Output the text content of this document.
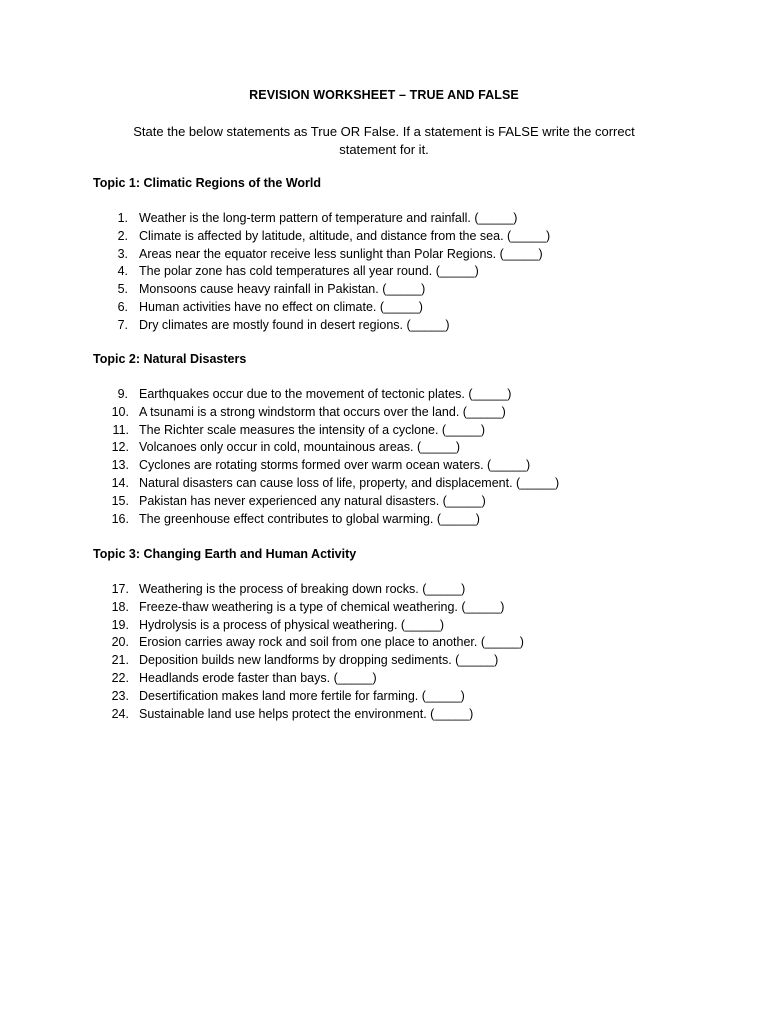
REVISION WORKSHEET – TRUE AND FALSE
State the below statements as True OR False. If a statement is FALSE write the correct statement for it.
Topic 1: Climatic Regions of the World
1. Weather is the long-term pattern of temperature and rainfall. (_____)
2. Climate is affected by latitude, altitude, and distance from the sea. (_____)
3. Areas near the equator receive less sunlight than Polar Regions. (_____)
4. The polar zone has cold temperatures all year round. (_____)
5. Monsoons cause heavy rainfall in Pakistan. (_____)
6. Human activities have no effect on climate. (_____)
7. Dry climates are mostly found in desert regions. (_____)
Topic 2: Natural Disasters
9. Earthquakes occur due to the movement of tectonic plates. (_____)
10. A tsunami is a strong windstorm that occurs over the land. (_____)
11. The Richter scale measures the intensity of a cyclone. (_____)
12. Volcanoes only occur in cold, mountainous areas. (_____)
13. Cyclones are rotating storms formed over warm ocean waters. (_____)
14. Natural disasters can cause loss of life, property, and displacement. (_____)
15. Pakistan has never experienced any natural disasters. (_____)
16. The greenhouse effect contributes to global warming. (_____)
Topic 3: Changing Earth and Human Activity
17. Weathering is the process of breaking down rocks. (_____)
18. Freeze-thaw weathering is a type of chemical weathering. (_____)
19. Hydrolysis is a process of physical weathering. (_____)
20. Erosion carries away rock and soil from one place to another. (_____)
21. Deposition builds new landforms by dropping sediments. (_____)
22. Headlands erode faster than bays. (_____)
23. Desertification makes land more fertile for farming. (_____)
24. Sustainable land use helps protect the environment. (_____)
